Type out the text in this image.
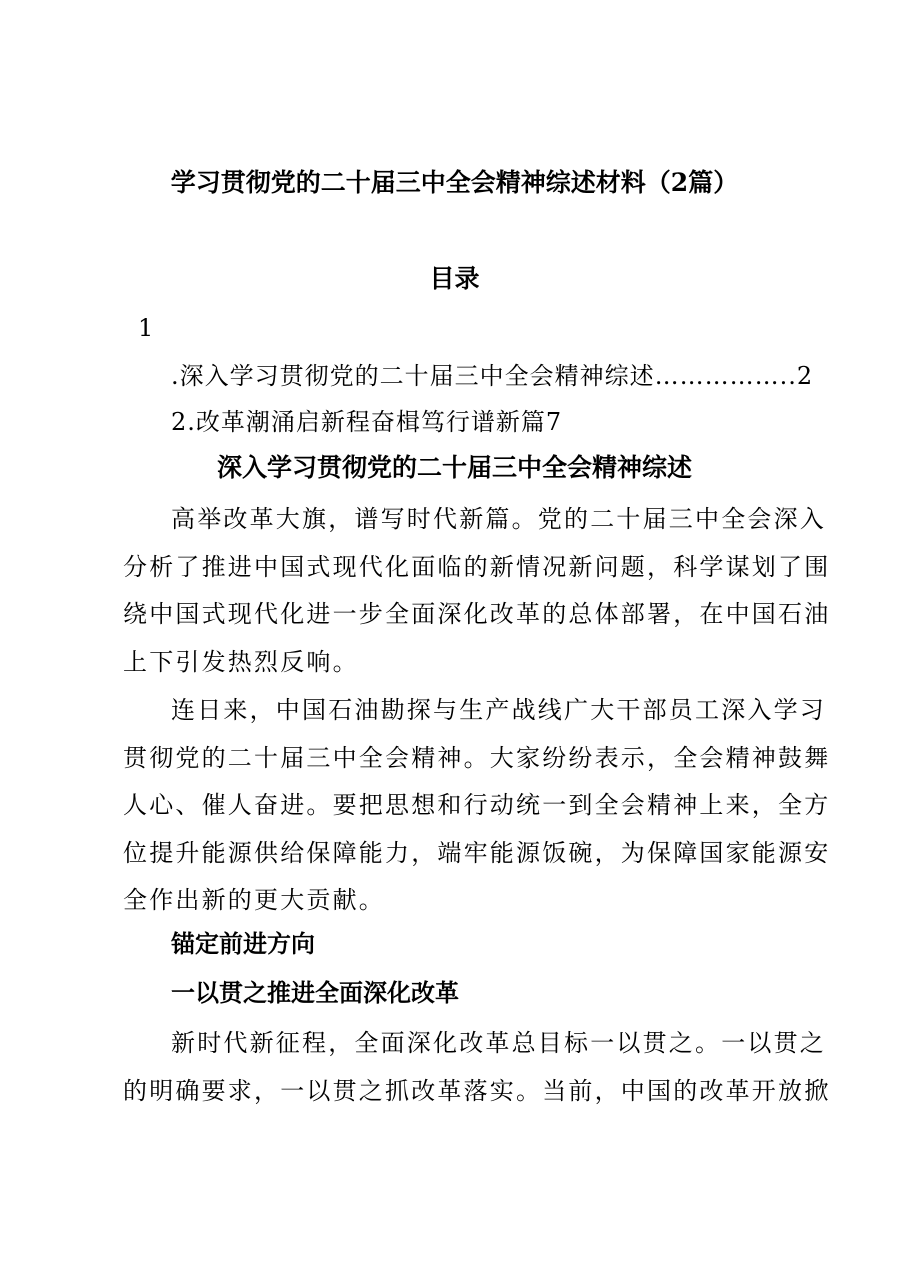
学习贯彻党的二十届三中全会精神综述材料（2篇）
目录
1
.深入学习贯彻党的二十届三中全会精神综述……………..2
2.改革潮涌启新程奋楫笃行谱新篇7
深入学习贯彻党的二十届三中全会精神综述
高举改革大旗，谱写时代新篇。党的二十届三中全会深入
分析了推进中国式现代化面临的新情况新问题，科学谋划了围
绕中国式现代化进一步全面深化改革的总体部署，在中国石油
上下引发热烈反响。
连日来，中国石油勘探与生产战线广大干部员工深入学习
贯彻党的二十届三中全会精神。大家纷纷表示，全会精神鼓舞
人心、催人奋进。要把思想和行动统一到全会精神上来，全方
位提升能源供给保障能力，端牢能源饭碗，为保障国家能源安
全作出新的更大贡献。
锚定前进方向
一以贯之推进全面深化改革
新时代新征程，全面深化改革总目标一以贯之。一以贯之
的明确要求，一以贯之抓改革落实。当前，中国的改革开放掀
